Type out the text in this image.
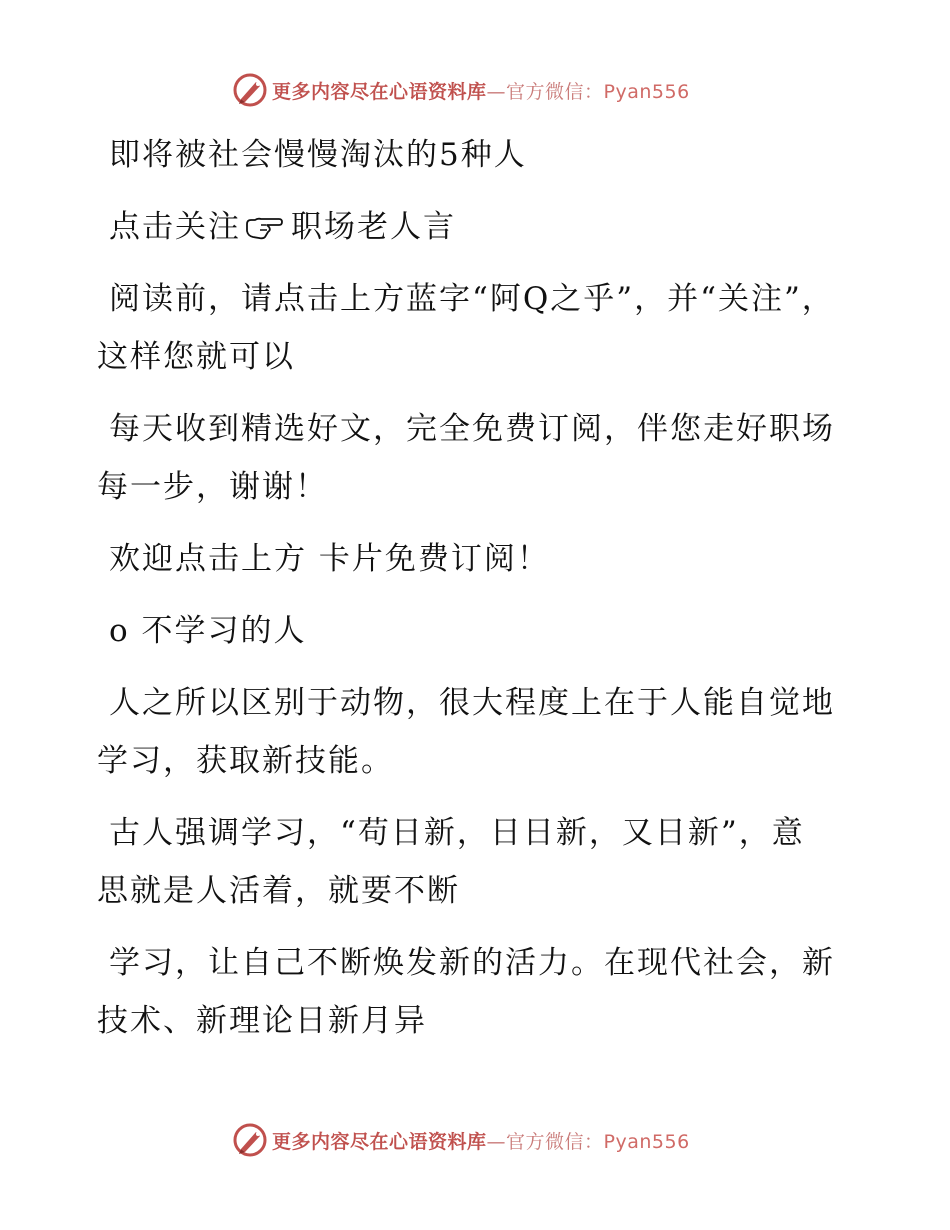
更多内容尽在心语资料库—官方微信：Pyan556

即将被社会慢慢淘汰的5种人

点击关注 职场老人言

阅读前，请点击上方蓝字“阿Q之乎”，并“关注”，这样您就可以

每天收到精选好文，完全免费订阅，伴您走好职场每一步，谢谢！

欢迎点击上方 卡片免费订阅！

o 不学习的人

人之所以区别于动物，很大程度上在于人能自觉地学习，获取新技能。

古人强调学习，“苟日新，日日新，又日新”，意思就是人活着，就要不断

学习，让自己不断焕发新的活力。在现代社会，新技术、新理论日新月异

更多内容尽在心语资料库—官方微信：Pyan556
